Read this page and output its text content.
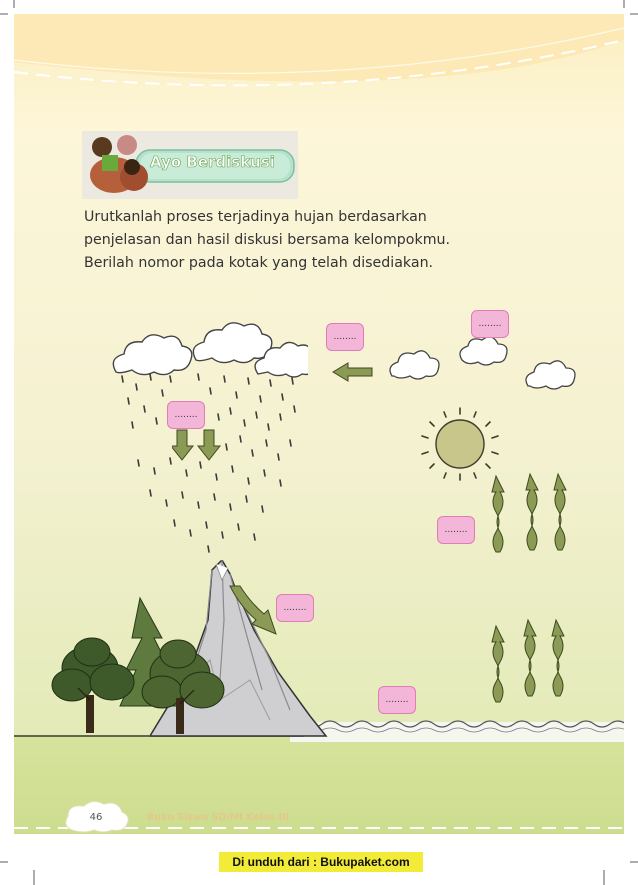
Ayo Berdiskusi
Urutkanlah proses terjadinya hujan berdasarkan
penjelasan dan hasil diskusi bersama kelompokmu.
Berilah nomor pada kotak yang telah disediakan.
........
........
........
........
........
........
46	Buku Siswa SD/MI Kelas III
Di unduh dari : Bukupaket.com
